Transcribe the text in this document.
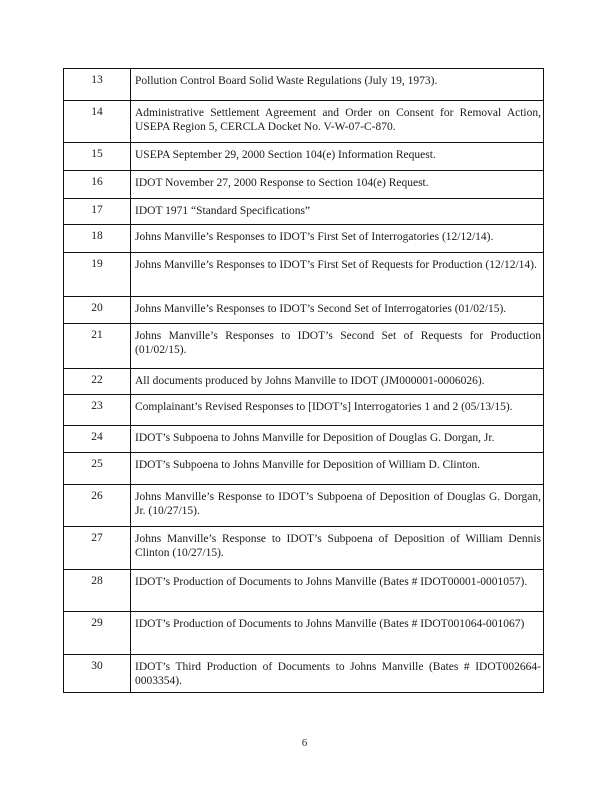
13	Pollution Control Board Solid Waste Regulations (July 19, 1973).
14	Administrative Settlement Agreement and Order on Consent for Removal Action, USEPA Region 5, CERCLA Docket No. V-W-07-C-870.
15	USEPA September 29, 2000 Section 104(e) Information Request.
16	IDOT November 27, 2000 Response to Section 104(e) Request.
17	IDOT 1971 “Standard Specifications”
18	Johns Manville’s Responses to IDOT’s First Set of Interrogatories (12/12/14).
19	Johns Manville’s Responses to IDOT’s First Set of Requests for Production (12/12/14).
20	Johns Manville’s Responses to IDOT’s Second Set of Interrogatories (01/02/15).
21	Johns Manville’s Responses to IDOT’s Second Set of Requests for Production (01/02/15).
22	All documents produced by Johns Manville to IDOT (JM000001-0006026).
23	Complainant’s Revised Responses to [IDOT’s] Interrogatories 1 and 2 (05/13/15).
24	IDOT’s Subpoena to Johns Manville for Deposition of Douglas G. Dorgan, Jr.
25	IDOT’s Subpoena to Johns Manville for Deposition of William D. Clinton.
26	Johns Manville’s Response to IDOT’s Subpoena of Deposition of Douglas G. Dorgan, Jr. (10/27/15).
27	Johns Manville’s Response to IDOT’s Subpoena of Deposition of William Dennis Clinton (10/27/15).
28	IDOT’s Production of Documents to Johns Manville (Bates # IDOT00001-0001057).
29	IDOT’s Production of Documents to Johns Manville (Bates # IDOT001064-001067)
30	IDOT’s Third Production of Documents to Johns Manville (Bates # IDOT002664-0003354).
6
